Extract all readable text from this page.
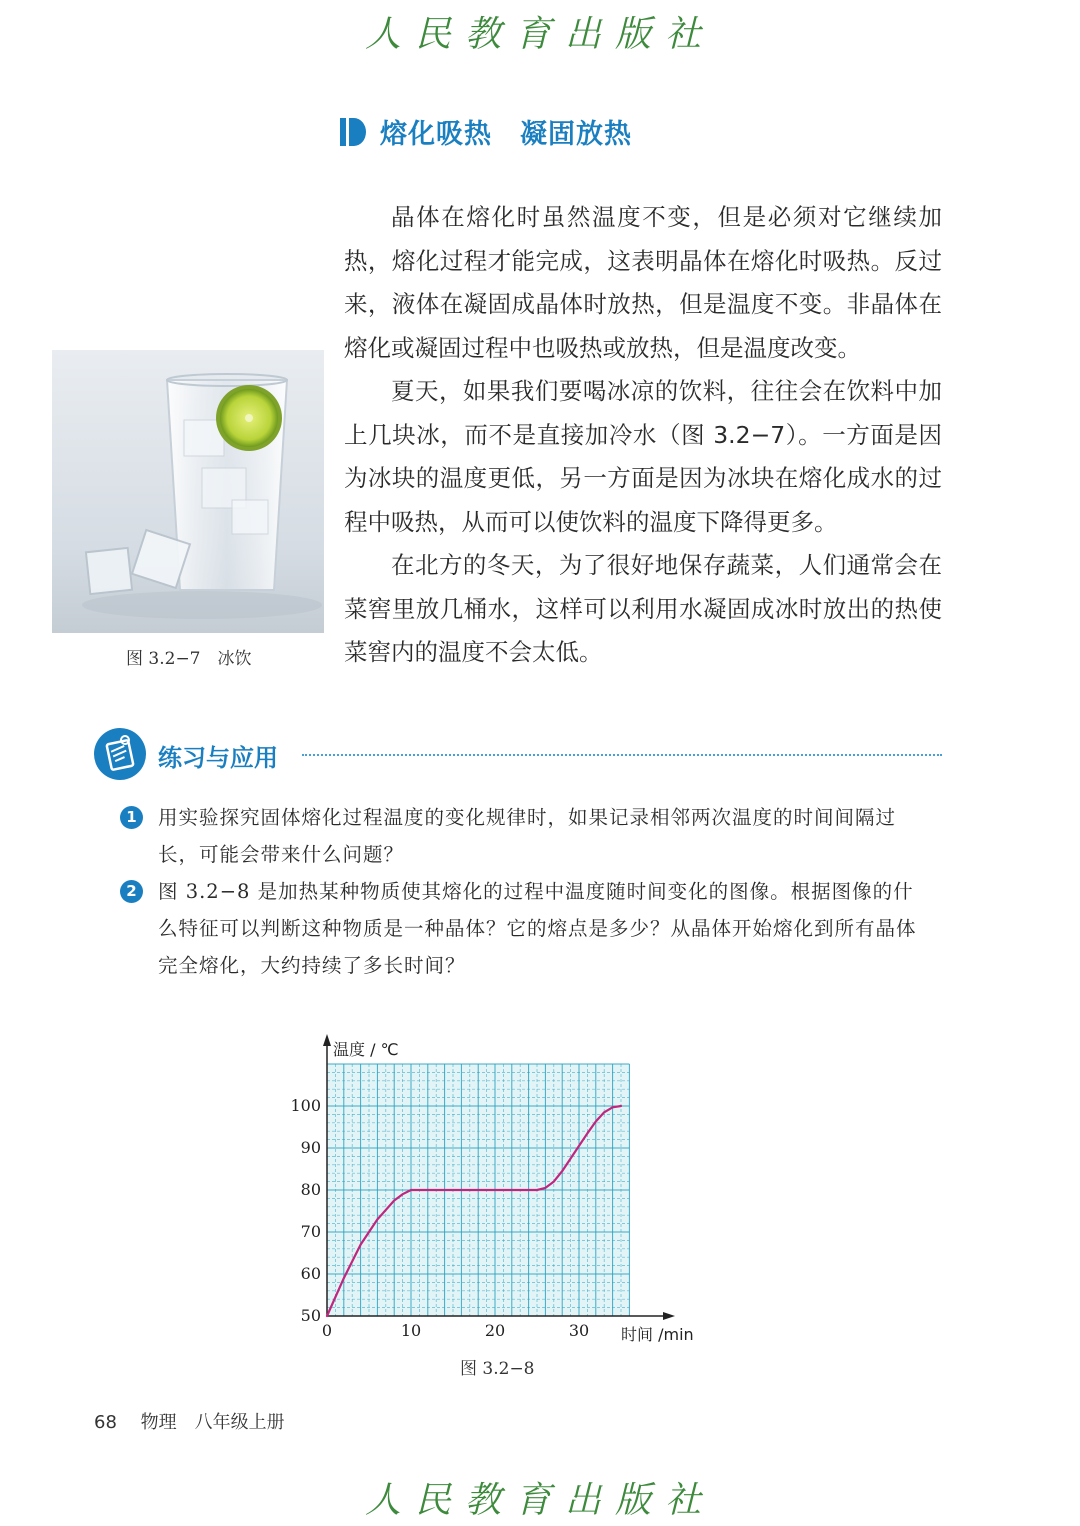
人民教育出版社
熔化吸热　凝固放热
图 3.2−7　冰饮

晶体在熔化时虽然温度不变，但是必须对它继续加热，熔化过程才能完成，这表明晶体在熔化时吸热。反过来，液体在凝固成晶体时放热，但是温度不变。非晶体在熔化或凝固过程中也吸热或放热，但是温度改变。

夏天，如果我们要喝冰凉的饮料，往往会在饮料中加上几块冰，而不是直接加冷水（图 3.2−7）。一方面是因为冰块的温度更低，另一方面是因为冰块在熔化成水的过程中吸热，从而可以使饮料的温度下降得更多。

在北方的冬天，为了很好地保存蔬菜，人们通常会在菜窖里放几桶水，这样可以利用水凝固成冰时放出的热使菜窖内的温度不会太低。

练习与应用
1	用实验探究固体熔化过程温度的变化规律时，如果记录相邻两次温度的时间间隔过长，可能会带来什么问题？
2	图 3.2−8 是加热某种物质使其熔化的过程中温度随时间变化的图像。根据图像的什么特征可以判断这种物质是一种晶体？它的熔点是多少？从晶体开始熔化到所有晶体完全熔化，大约持续了多长时间？
0	10	20	30
50
60
70
80
90
100
温度 / ℃
时间 /min
图 3.2−8
68　 物理　八年级上册
人民教育出版社
